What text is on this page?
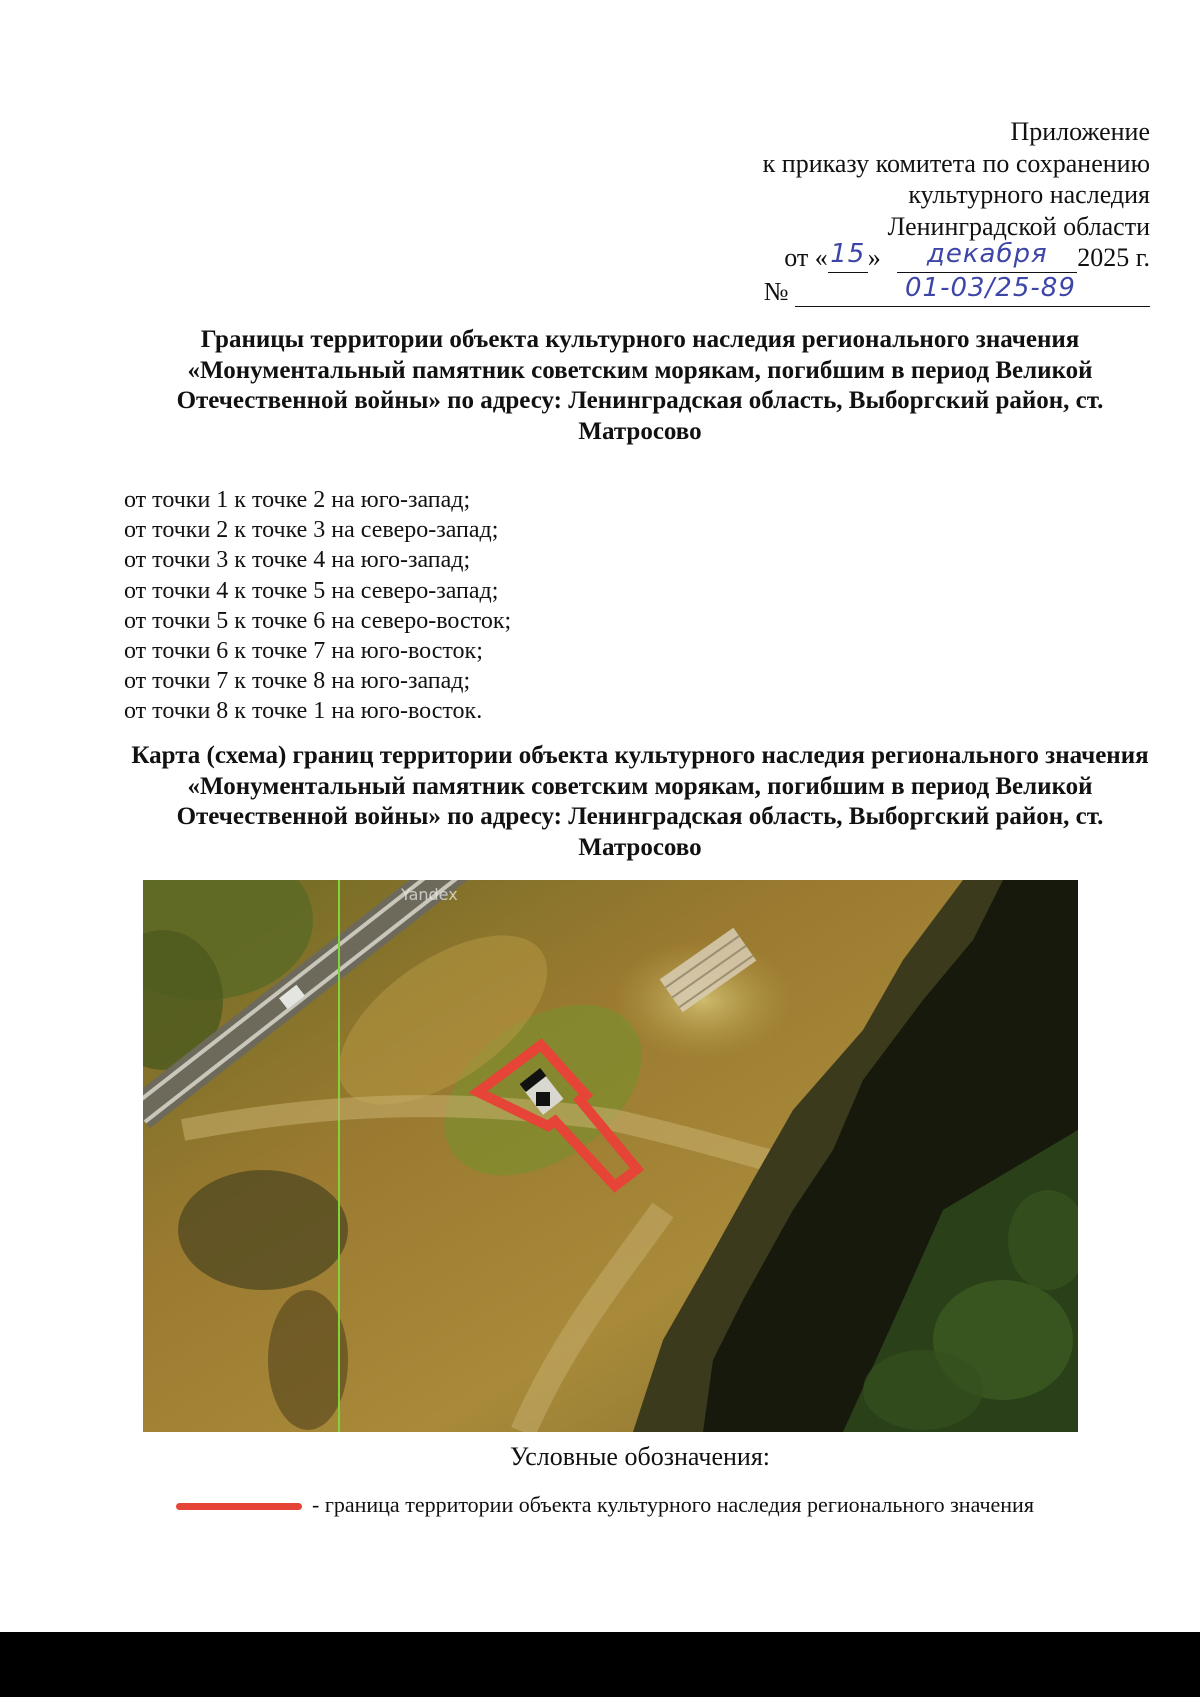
Приложение
к приказу комитета по сохранению
культурного наследия
Ленинградской области
от «15» декабря 2025 г.
№	01-03/25-89
Границы территории объекта культурного наследия регионального значения «Монументальный памятник советским морякам, погибшим в период Великой Отечественной войны» по адресу: Ленинградская область, Выборгский район, ст. Матросово
от точки 1 к точке 2 на юго-запад;
от точки 2 к точке 3 на северо-запад;
от точки 3 к точке 4 на юго-запад;
от точки 4 к точке 5 на северо-запад;
от точки 5 к точке 6 на северо-восток;
от точки 6 к точке 7 на юго-восток;
от точки 7 к точке 8 на юго-запад;
от точки 8 к точке 1 на юго-восток.
Карта (схема) границ территории объекта культурного наследия регионального значения «Монументальный памятник советским морякам, погибшим в период Великой Отечественной войны» по адресу: Ленинградская область, Выборгский район, ст. Матросово
Yandex
Условные обозначения:
- граница территории объекта культурного наследия регионального значения
